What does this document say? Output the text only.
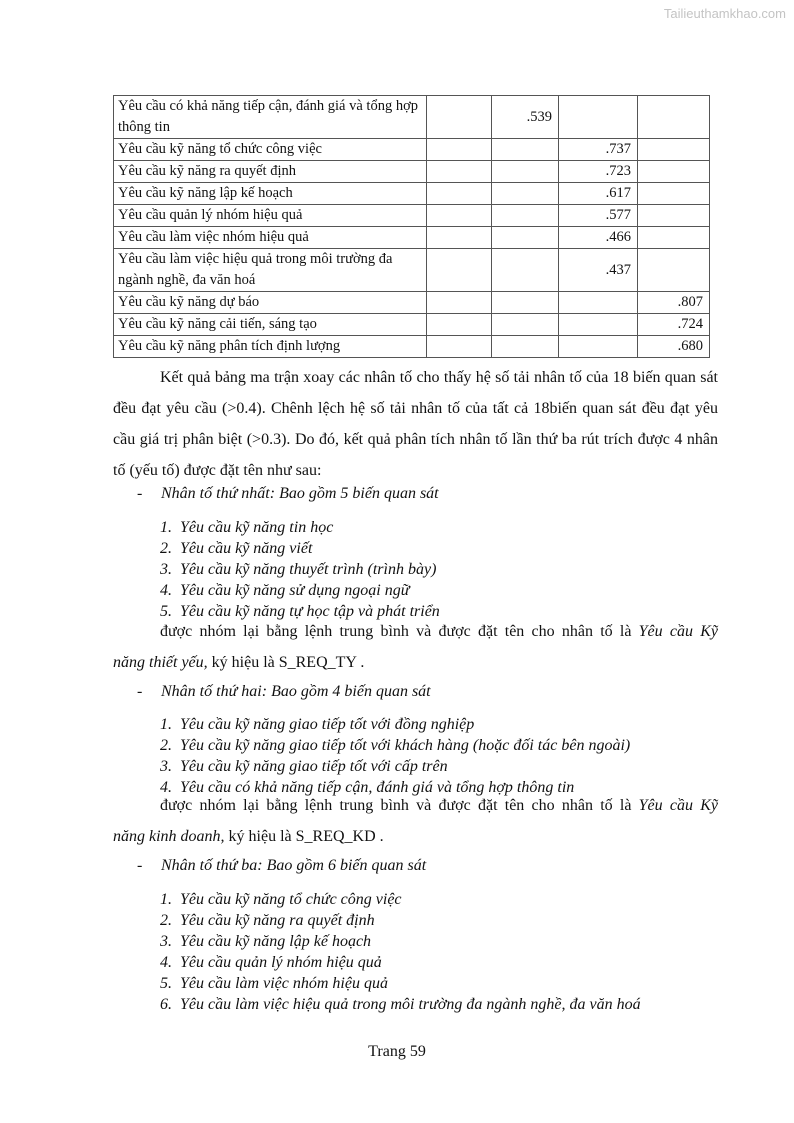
Tailieuthamkhao.com
Yêu cầu có khả năng tiếp cận, đánh giá và tổng hợp thông tin		.539		
Yêu cầu kỹ năng tổ chức công việc			.737	
Yêu cầu kỹ năng ra quyết định			.723	
Yêu cầu kỹ năng lập kế hoạch			.617	
Yêu cầu quản lý nhóm hiệu quả			.577	
Yêu cầu làm việc nhóm hiệu quả			.466	
Yêu cầu làm việc hiệu quả trong môi trường đa ngành nghề, đa văn hoá			.437	
Yêu cầu kỹ năng dự báo				.807
Yêu cầu kỹ năng cải tiến, sáng tạo				.724
Yêu cầu kỹ năng phân tích định lượng				.680

Kết quả bảng ma trận xoay các nhân tố cho thấy hệ số tải nhân tố của 18 biến quan sát đều đạt yêu cầu (>0.4). Chênh lệch hệ số tải nhân tố của tất cả 18biến quan sát đều đạt yêu cầu giá trị phân biệt (>0.3). Do đó, kết quả phân tích nhân tố lần thứ ba rút trích được 4 nhân tố (yếu tố) được đặt tên như sau:

- Nhân tố thứ nhất: Bao gồm 5 biến quan sát

1. Yêu cầu kỹ năng tin học
2. Yêu cầu kỹ năng viết
3. Yêu cầu kỹ năng thuyết trình (trình bày)
4. Yêu cầu kỹ năng sử dụng ngoại ngữ
5. Yêu cầu kỹ năng tự học tập và phát triển

được nhóm lại bằng lệnh trung bình và được đặt tên cho nhân tố là Yêu cầu Kỹ

năng thiết yếu, ký hiệu là S_REQ_TY .

- Nhân tố thứ hai: Bao gồm 4 biến quan sát

1. Yêu cầu kỹ năng giao tiếp tốt với đồng nghiệp
2. Yêu cầu kỹ năng giao tiếp tốt với khách hàng (hoặc đối tác bên ngoài)
3. Yêu cầu kỹ năng giao tiếp tốt với cấp trên
4. Yêu cầu có khả năng tiếp cận, đánh giá và tổng hợp thông tin

được nhóm lại bằng lệnh trung bình và được đặt tên cho nhân tố là Yêu cầu Kỹ

năng kinh doanh, ký hiệu là S_REQ_KD .

- Nhân tố thứ ba: Bao gồm 6 biến quan sát

1. Yêu cầu kỹ năng tổ chức công việc
2. Yêu cầu kỹ năng ra quyết định
3. Yêu cầu kỹ năng lập kế hoạch
4. Yêu cầu quản lý nhóm hiệu quả
5. Yêu cầu làm việc nhóm hiệu quả
6. Yêu cầu làm việc hiệu quả trong môi trường đa ngành nghề, đa văn hoá
Trang 59
